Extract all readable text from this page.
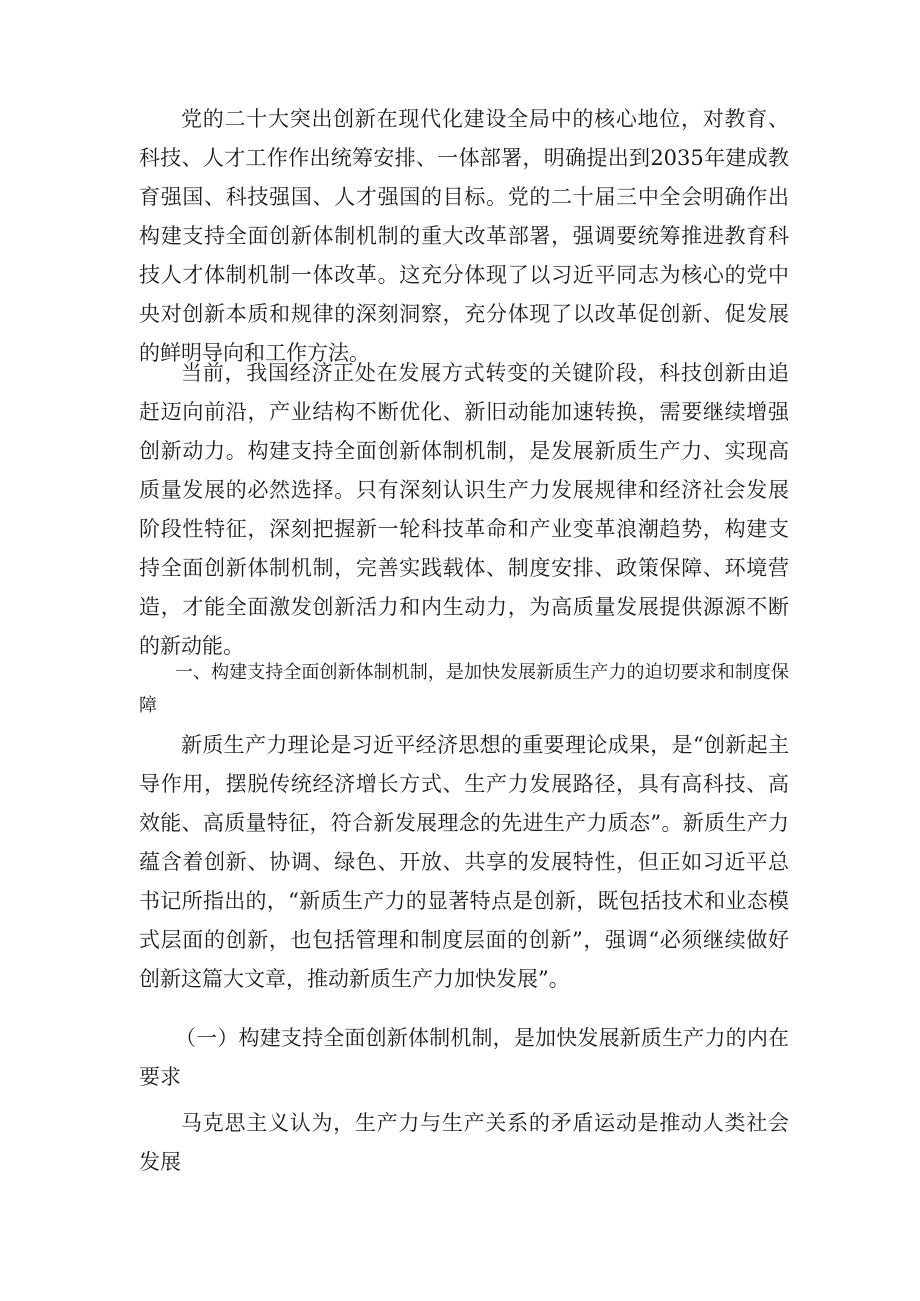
党的二十大突出创新在现代化建设全局中的核心地位，对教育、科技、人才工作作出统筹安排、一体部署，明确提出到2035年建成教育强国、科技强国、人才强国的目标。党的二十届三中全会明确作出构建支持全面创新体制机制的重大改革部署，强调要统筹推进教育科技人才体制机制一体改革。这充分体现了以习近平同志为核心的党中央对创新本质和规律的深刻洞察，充分体现了以改革促创新、促发展的鲜明导向和工作方法。

当前，我国经济正处在发展方式转变的关键阶段，科技创新由追赶迈向前沿，产业结构不断优化、新旧动能加速转换，需要继续增强创新动力。构建支持全面创新体制机制，是发展新质生产力、实现高质量发展的必然选择。只有深刻认识生产力发展规律和经济社会发展阶段性特征，深刻把握新一轮科技革命和产业变革浪潮趋势，构建支持全面创新体制机制，完善实践载体、制度安排、政策保障、环境营造，才能全面激发创新活力和内生动力，为高质量发展提供源源不断的新动能。

一、构建支持全面创新体制机制，是加快发展新质生产力的迫切要求和制度保障

新质生产力理论是习近平经济思想的重要理论成果，是“创新起主导作用，摆脱传统经济增长方式、生产力发展路径，具有高科技、高效能、高质量特征，符合新发展理念的先进生产力质态”。新质生产力蕴含着创新、协调、绿色、开放、共享的发展特性，但正如习近平总书记所指出的，“新质生产力的显著特点是创新，既包括技术和业态模式层面的创新，也包括管理和制度层面的创新”，强调“必须继续做好创新这篇大文章，推动新质生产力加快发展”。

（一）构建支持全面创新体制机制，是加快发展新质生产力的内在要求

马克思主义认为，生产力与生产关系的矛盾运动是推动人类社会发展
